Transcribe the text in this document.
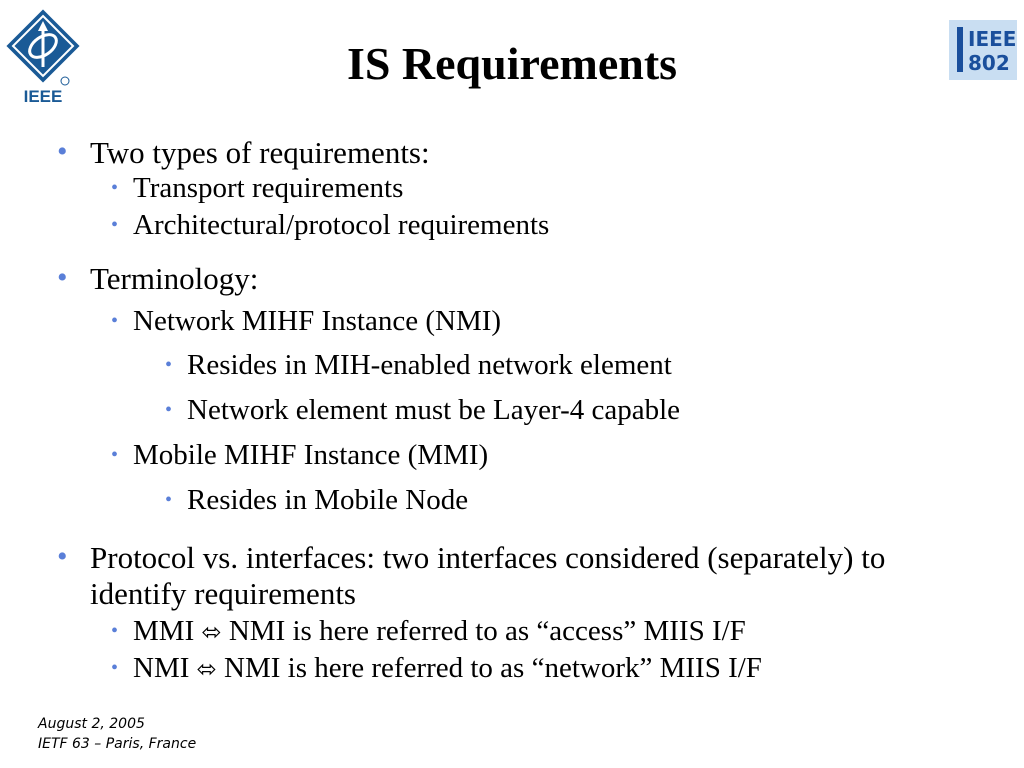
IEEE
IEEE
802
IS Requirements
• Two types of requirements:
• Transport requirements
• Architectural/protocol requirements
• Terminology:
• Network MIHF Instance (NMI)
• Resides in MIH-enabled network element
• Network element must be Layer-4 capable
• Mobile MIHF Instance (MMI)
• Resides in Mobile Node
• Protocol vs. interfaces: two interfaces considered (separately) to
identify requirements
• MMI ⬄ NMI is here referred to as “access” MIIS I/F
• NMI ⬄ NMI is here referred to as “network” MIIS I/F
August 2, 2005
IETF 63 – Paris, France
